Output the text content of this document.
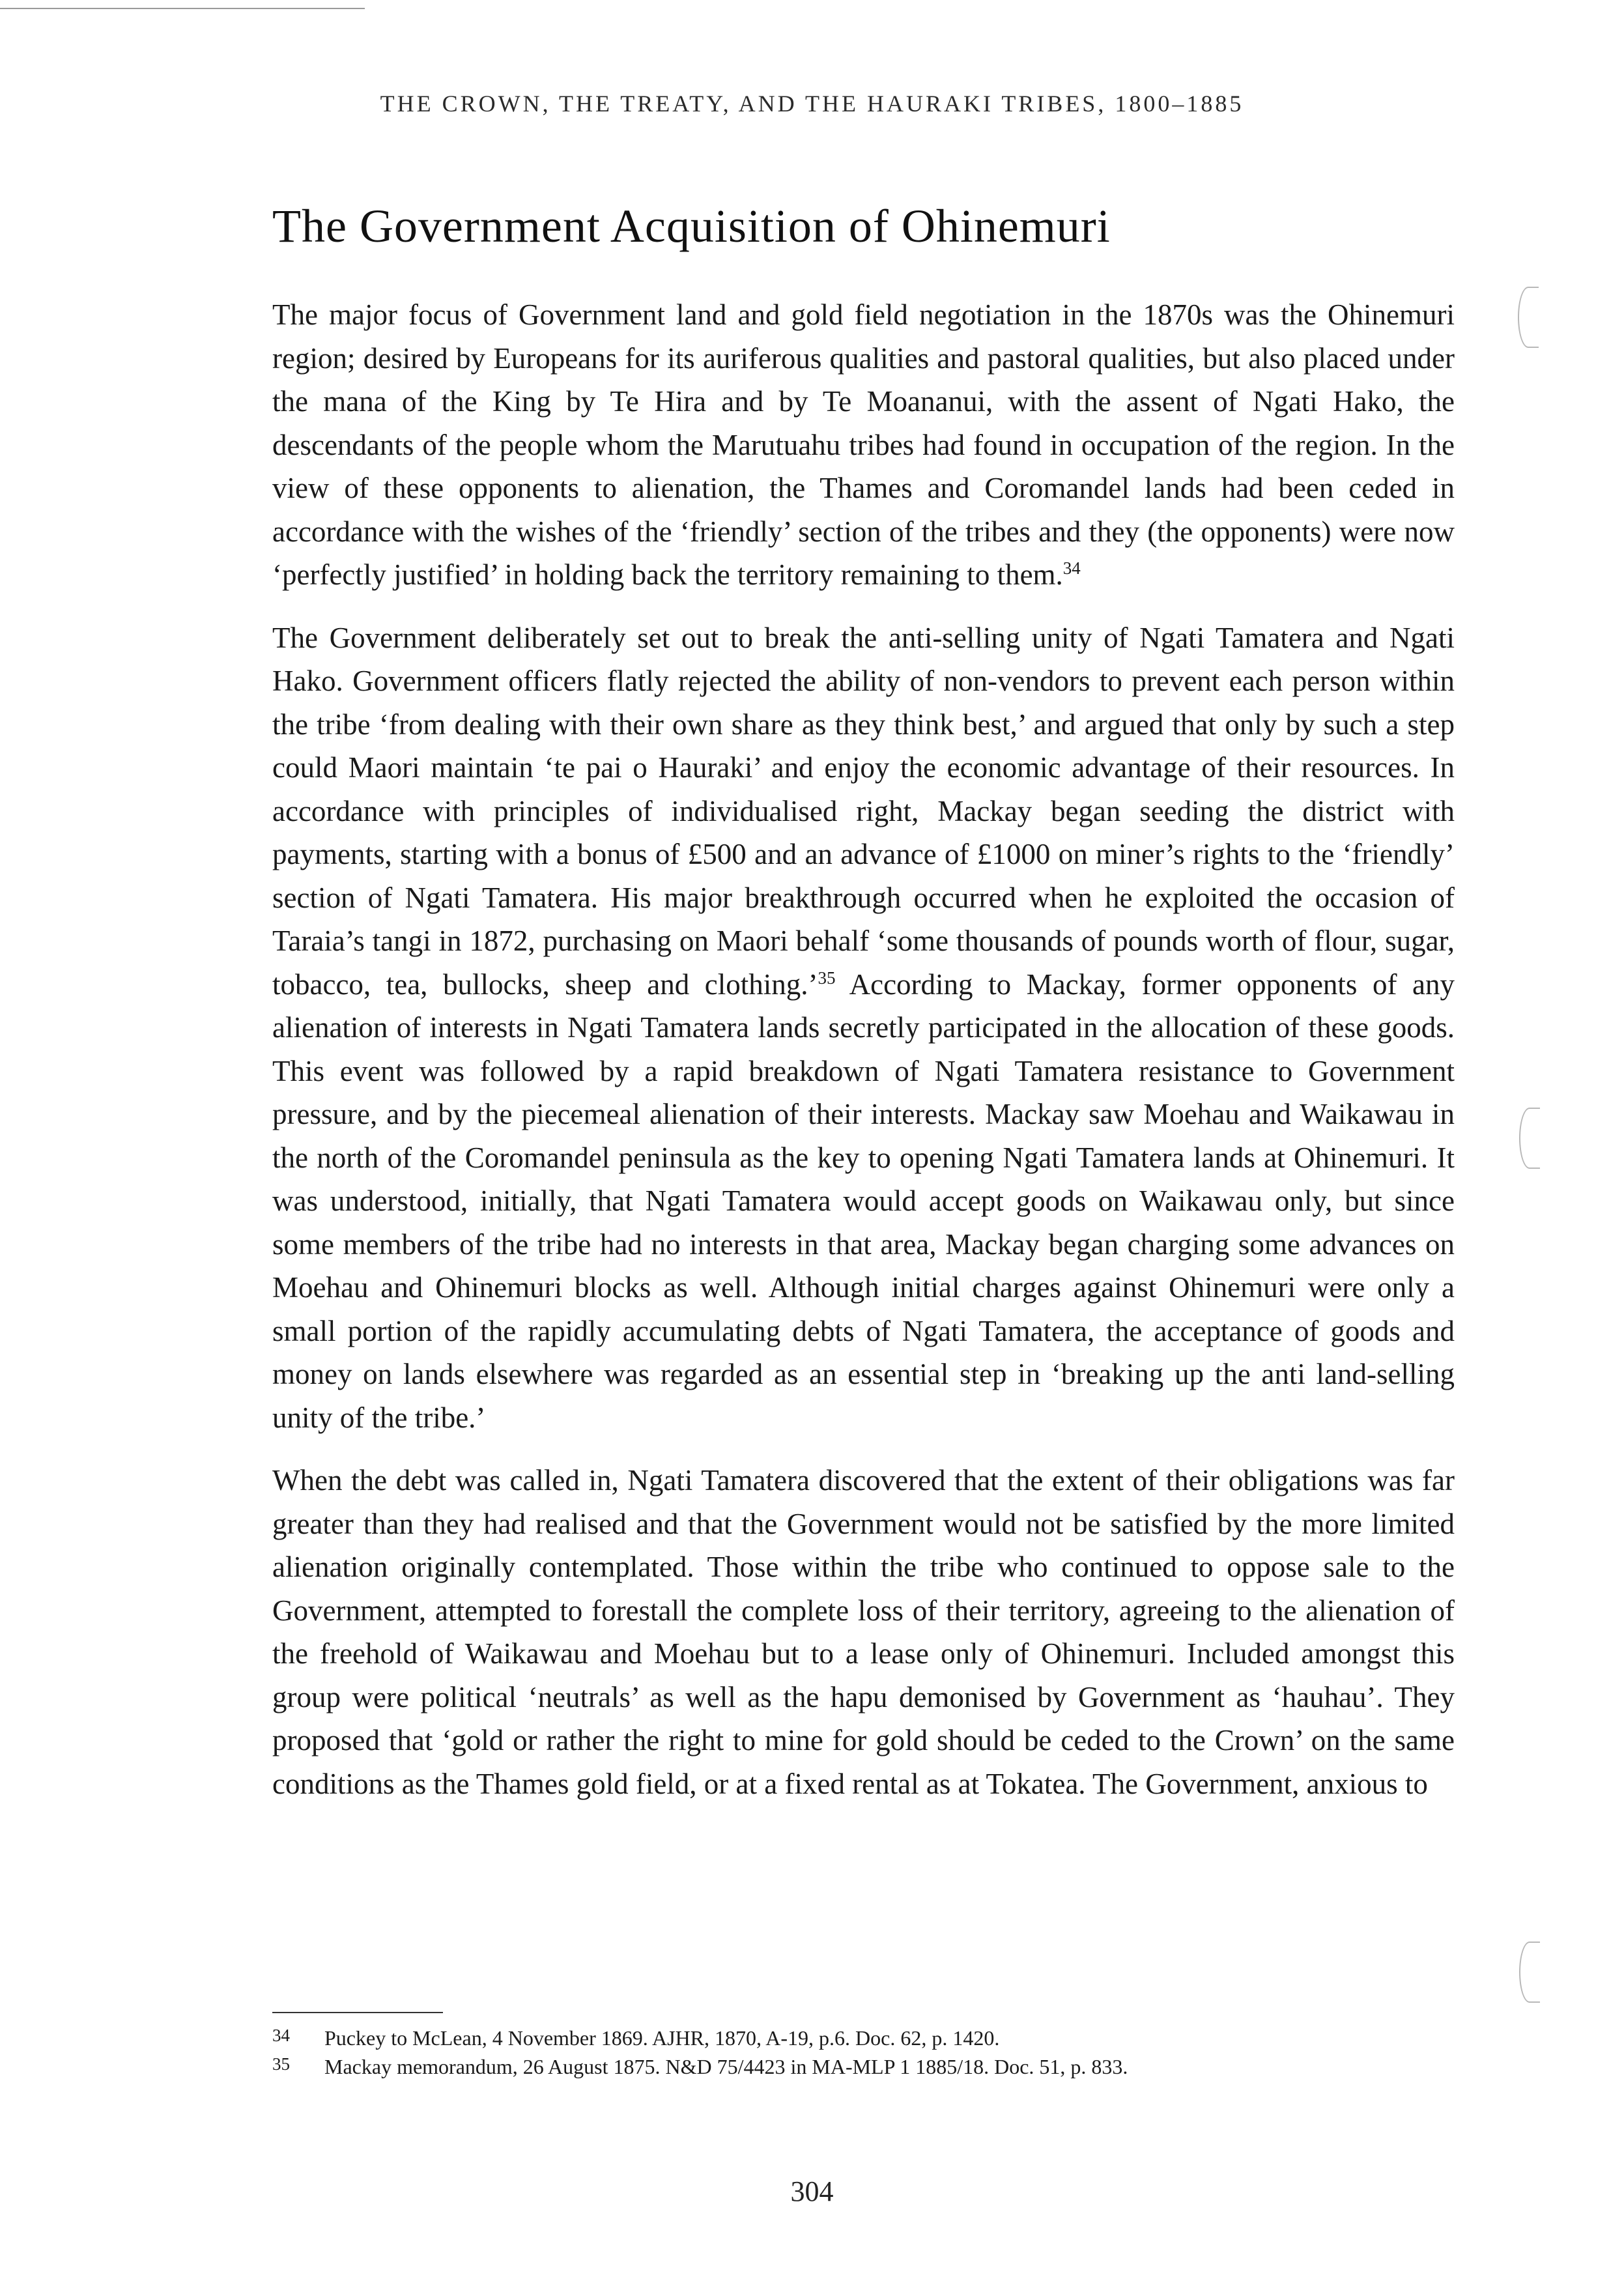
THE CROWN, THE TREATY, AND THE HAURAKI TRIBES, 1800–1885
The Government Acquisition of Ohinemuri

The major focus of Government land and gold field negotiation in the 1870s was the Ohinemuri region; desired by Europeans for its auriferous qualities and pastoral qualities, but also placed under the mana of the King by Te Hira and by Te Moananui, with the assent of Ngati Hako, the descendants of the people whom the Marutuahu tribes had found in occupation of the region. In the view of these opponents to alienation, the Thames and Coromandel lands had been ceded in accordance with the wishes of the ‘friendly’ section of the tribes and they (the opponents) were now ‘perfectly justified’ in holding back the territory remaining to them.$^{34}$

The Government deliberately set out to break the anti-selling unity of Ngati Tamatera and Ngati Hako. Government officers flatly rejected the ability of non-vendors to prevent each person within the tribe ‘from dealing with their own share as they think best,’ and argued that only by such a step could Maori maintain ‘te pai o Hauraki’ and enjoy the economic advantage of their resources. In accordance with principles of individualised right, Mackay began seeding the district with payments, starting with a bonus of £500 and an advance of £1000 on miner’s rights to the ‘friendly’ section of Ngati Tamatera. His major breakthrough occurred when he exploited the occasion of Taraia’s tangi in 1872, purchasing on Maori behalf ‘some thousands of pounds worth of flour, sugar, tobacco, tea, bullocks, sheep and clothing.’$^{35}$ According to Mackay, former opponents of any alienation of interests in Ngati Tamatera lands secretly participated in the allocation of these goods. This event was followed by a rapid breakdown of Ngati Tamatera resistance to Government pressure, and by the piecemeal alienation of their interests. Mackay saw Moehau and Waikawau in the north of the Coromandel peninsula as the key to opening Ngati Tamatera lands at Ohinemuri. It was understood, initially, that Ngati Tamatera would accept goods on Waikawau only, but since some members of the tribe had no interests in that area, Mackay began charging some advances on Moehau and Ohinemuri blocks as well. Although initial charges against Ohinemuri were only a small portion of the rapidly accumulating debts of Ngati Tamatera, the acceptance of goods and money on lands elsewhere was regarded as an essential step in ‘breaking up the anti land-selling unity of the tribe.’

When the debt was called in, Ngati Tamatera discovered that the extent of their obligations was far greater than they had realised and that the Government would not be satisfied by the more limited alienation originally contemplated. Those within the tribe who continued to oppose sale to the Government, attempted to forestall the complete loss of their territory, agreeing to the alienation of the freehold of Waikawau and Moehau but to a lease only of Ohinemuri. Included amongst this group were political ‘neutrals’ as well as the hapu demonised by Government as ‘hauhau’. They proposed that ‘gold or rather the right to mine for gold should be ceded to the Crown’ on the same conditions as the Thames gold field, or at a fixed rental as at Tokatea. The Government, anxious to

34 Puckey to McLean, 4 November 1869. AJHR, 1870, A-19, p.6. Doc. 62, p. 1420.
35 Mackay memorandum, 26 August 1875. N&D 75/4423 in MA-MLP 1 1885/18. Doc. 51, p. 833.
304
